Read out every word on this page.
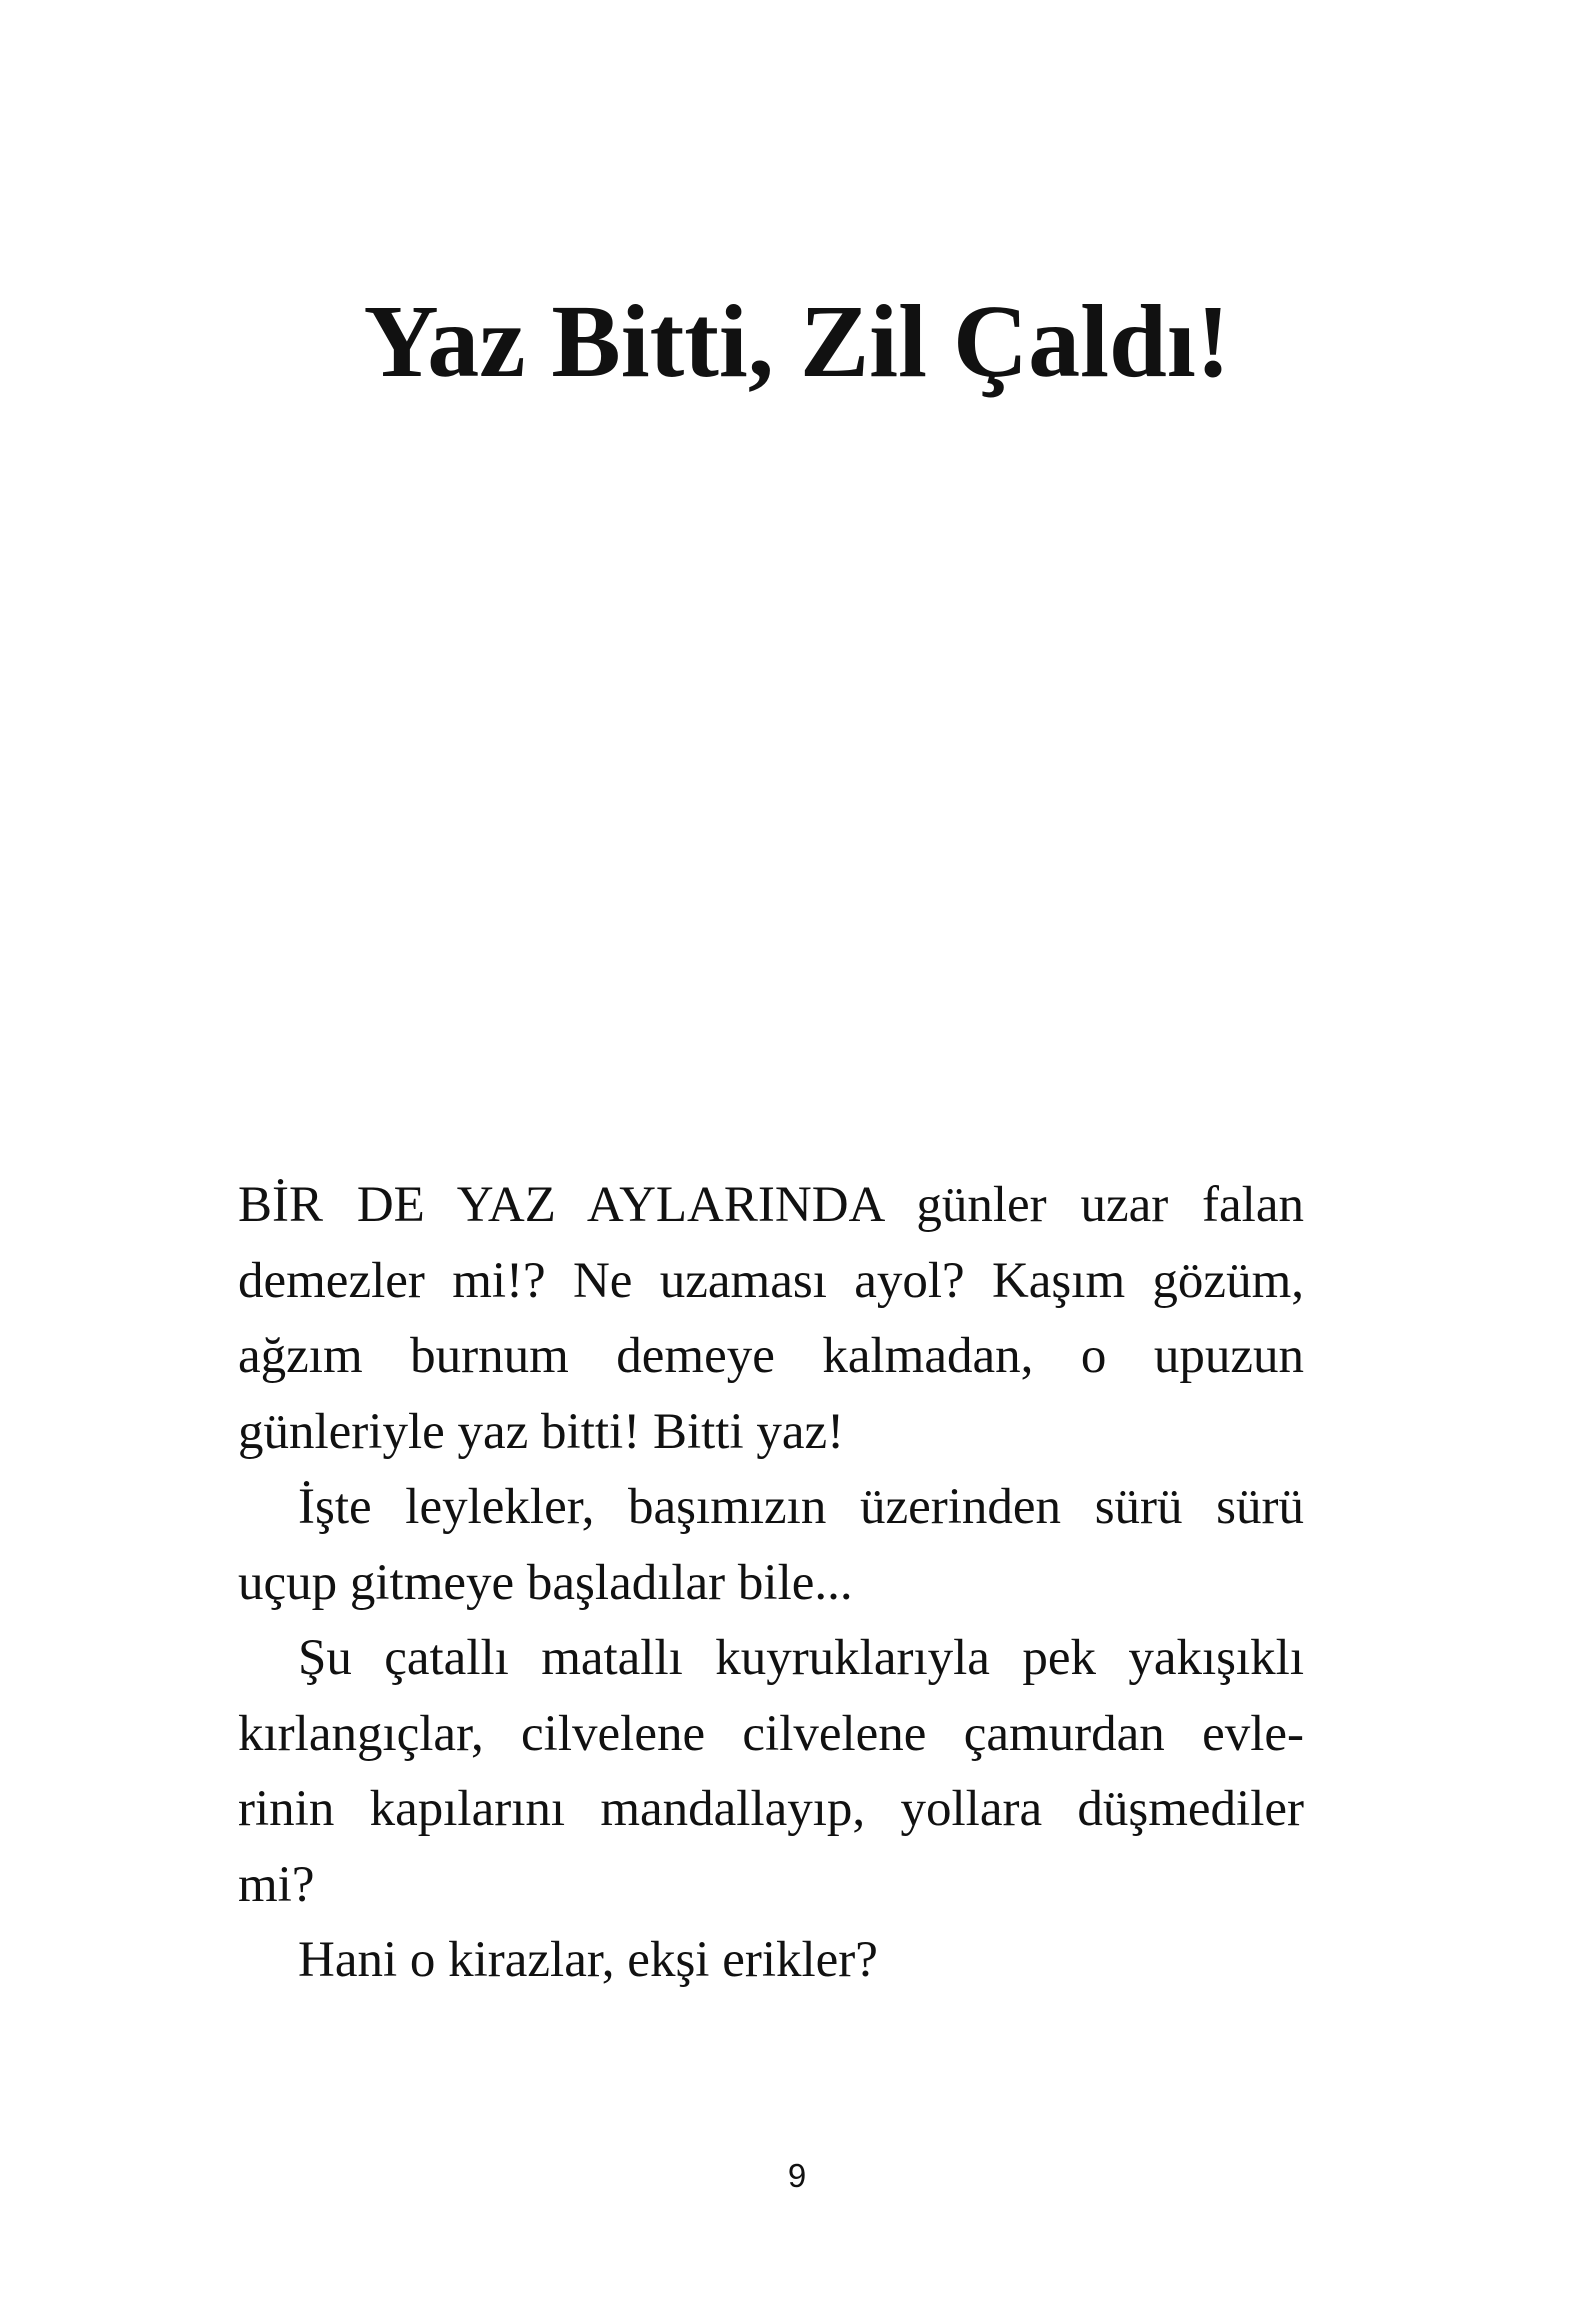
Yaz Bitti, Zil Çaldı!

BİR DE YAZ AYLARINDA günler uzar falan
demezler mi!? Ne uzaması ayol? Kaşım gözüm,
ağzım burnum demeye kalmadan, o upuzun
günleriyle yaz bitti! Bitti yaz!

İşte leylekler, başımızın üzerinden sürü sürü
uçup gitmeye başladılar bile...

Şu çatallı matallı kuyruklarıyla pek yakışıklı
kırlangıçlar, cilvelene cilvelene çamurdan evle-
rinin kapılarını mandallayıp, yollara düşmediler
mi?

Hani o kirazlar, ekşi erikler?

9
